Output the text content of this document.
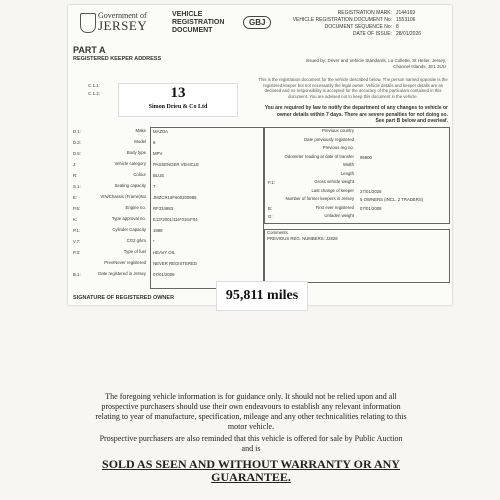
Government of
JERSEY
VEHICLE REGISTRATION DOCUMENT
GBJ
REGISTRATION MARK: J144169
VEHICLE REGISTRATION DOCUMENT No: 1553106
DOCUMENT SEQUENCE No: 8
DATE OF ISSUE: 28/01/2026
PART A
REGISTERED KEEPER ADDRESS	Issued by: Driver and Vehicle Standards, La Collette, St Helier, Jersey, Channel Islands, JE1 3UU
This is the registration document for the vehicle described below. The person named opposite is the registered keeper but not necessarily the legal owner. Vehicle details and keeper details are as declared and no responsibility is accepted for the accuracy of the particulars contained in this document. You are advised not to keep this document in the vehicle.
You are required by law to notify the department of any changes to vehicle or owner details within 7 days. There are severe penalties for not doing so.
See part B below and overleaf.
C.1.1:
C.1.2:	13
Simon Drieu & Co Ltd
D.1:	Make MAZDA
D.3:	Model 6
D.5:	Body type MPV
J:	Vehicle category PASSENGER VEHICLE
R:	Colour BLUE
S.1:	Seating capacity 7
E:	VIN/Chassis (Frame)No JMZCR19F600200985
P.5:	Engine no. RF334983
K:	Type approval no. E13*2001/116*0164*04
P.1:	Cylinder Capacity 1998
V.7:	CO2 g/km *
P.3:	Type of fuel HEAVY OIL
Prev/Never registered NEVER REGISTERED
B.1:	Date registered in Jersey 07/01/2008
Previous country
Date previously registered
Previous reg no.
Odometer reading at date of transfer 95800
Width
Length
F.1:	Gross vehicle weight
Last change of keeper 27/01/2026
Number of former keepers in Jersey 5 OWNERS (INCL. 2 TRADERS)
B:	First ever registered 07/01/2008
G:	Unladen weight
Comments
PREVIOUS REG. NUMBERS: J2828
SIGNATURE OF REGISTERED OWNER	95,811 miles
The foregoing vehicle information is for guidance only. It should not be relied upon and all prospective purchasers should use their own endeavours to establish any relevant information relating to year of manufacture, specification, mileage and any other technicalities relating to this motor vehicle.
Prospective purchasers are also reminded that this vehicle is offered for sale by Public Auction and is
SOLD AS SEEN AND WITHOUT WARRANTY OR ANY GUARANTEE.
